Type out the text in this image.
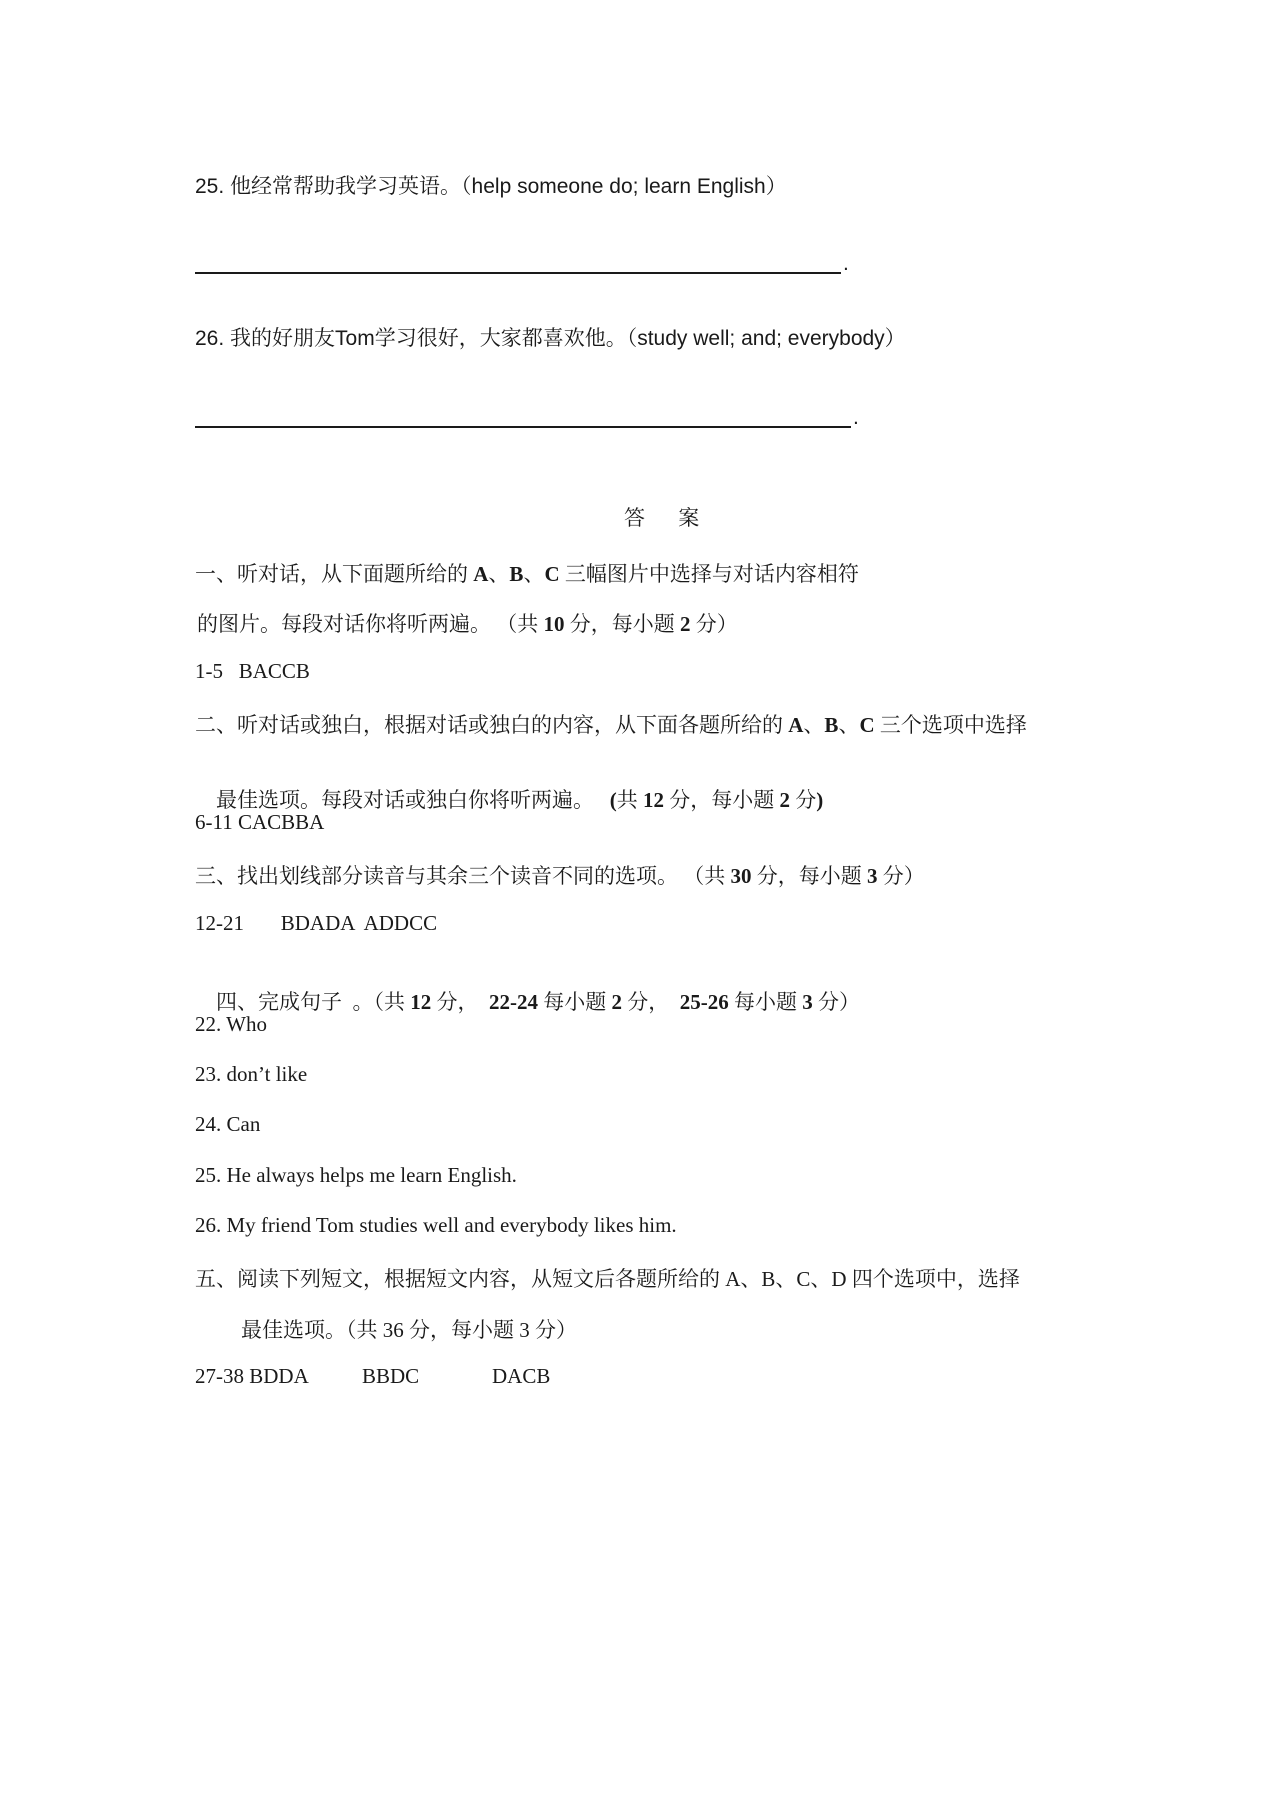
25. 他经常帮助我学习英语。（help someone do; learn English）
.
26. 我的好朋友Tom学习很好，大家都喜欢他。（study well; and; everybody）
.
答 案
一、听对话，从下面题所给的 A、B、C 三幅图片中选择与对话内容相符
的图片。每段对话你将听两遍。 （共 10 分，每小题 2 分）
1-5   BACCB
二、听对话或独白，根据对话或独白的内容，从下面各题所给的 A、B、C 三个选项中选择

最佳选项。每段对话或独白你将听两遍。   (共 12 分，每小题 2 分)

6-11 CACBBA
三、找出划线部分读音与其余三个读音不同的选项。 （共 30 分，每小题 3 分）
12-21       BDADA  ADDCC

四、完成句子  。（共 12 分，  22-24 每小题 2 分，  25-26 每小题 3 分）

22. Who
23. don’t like
24. Can
25. He always helps me learn English.
26. My friend Tom studies well and everybody likes him.
五、阅读下列短文，根据短文内容，从短文后各题所给的 A、B、C、D 四个选项中，选择
最佳选项。（共 36 分，每小题 3 分）
27-38 BDDA	BBDC	DACB
